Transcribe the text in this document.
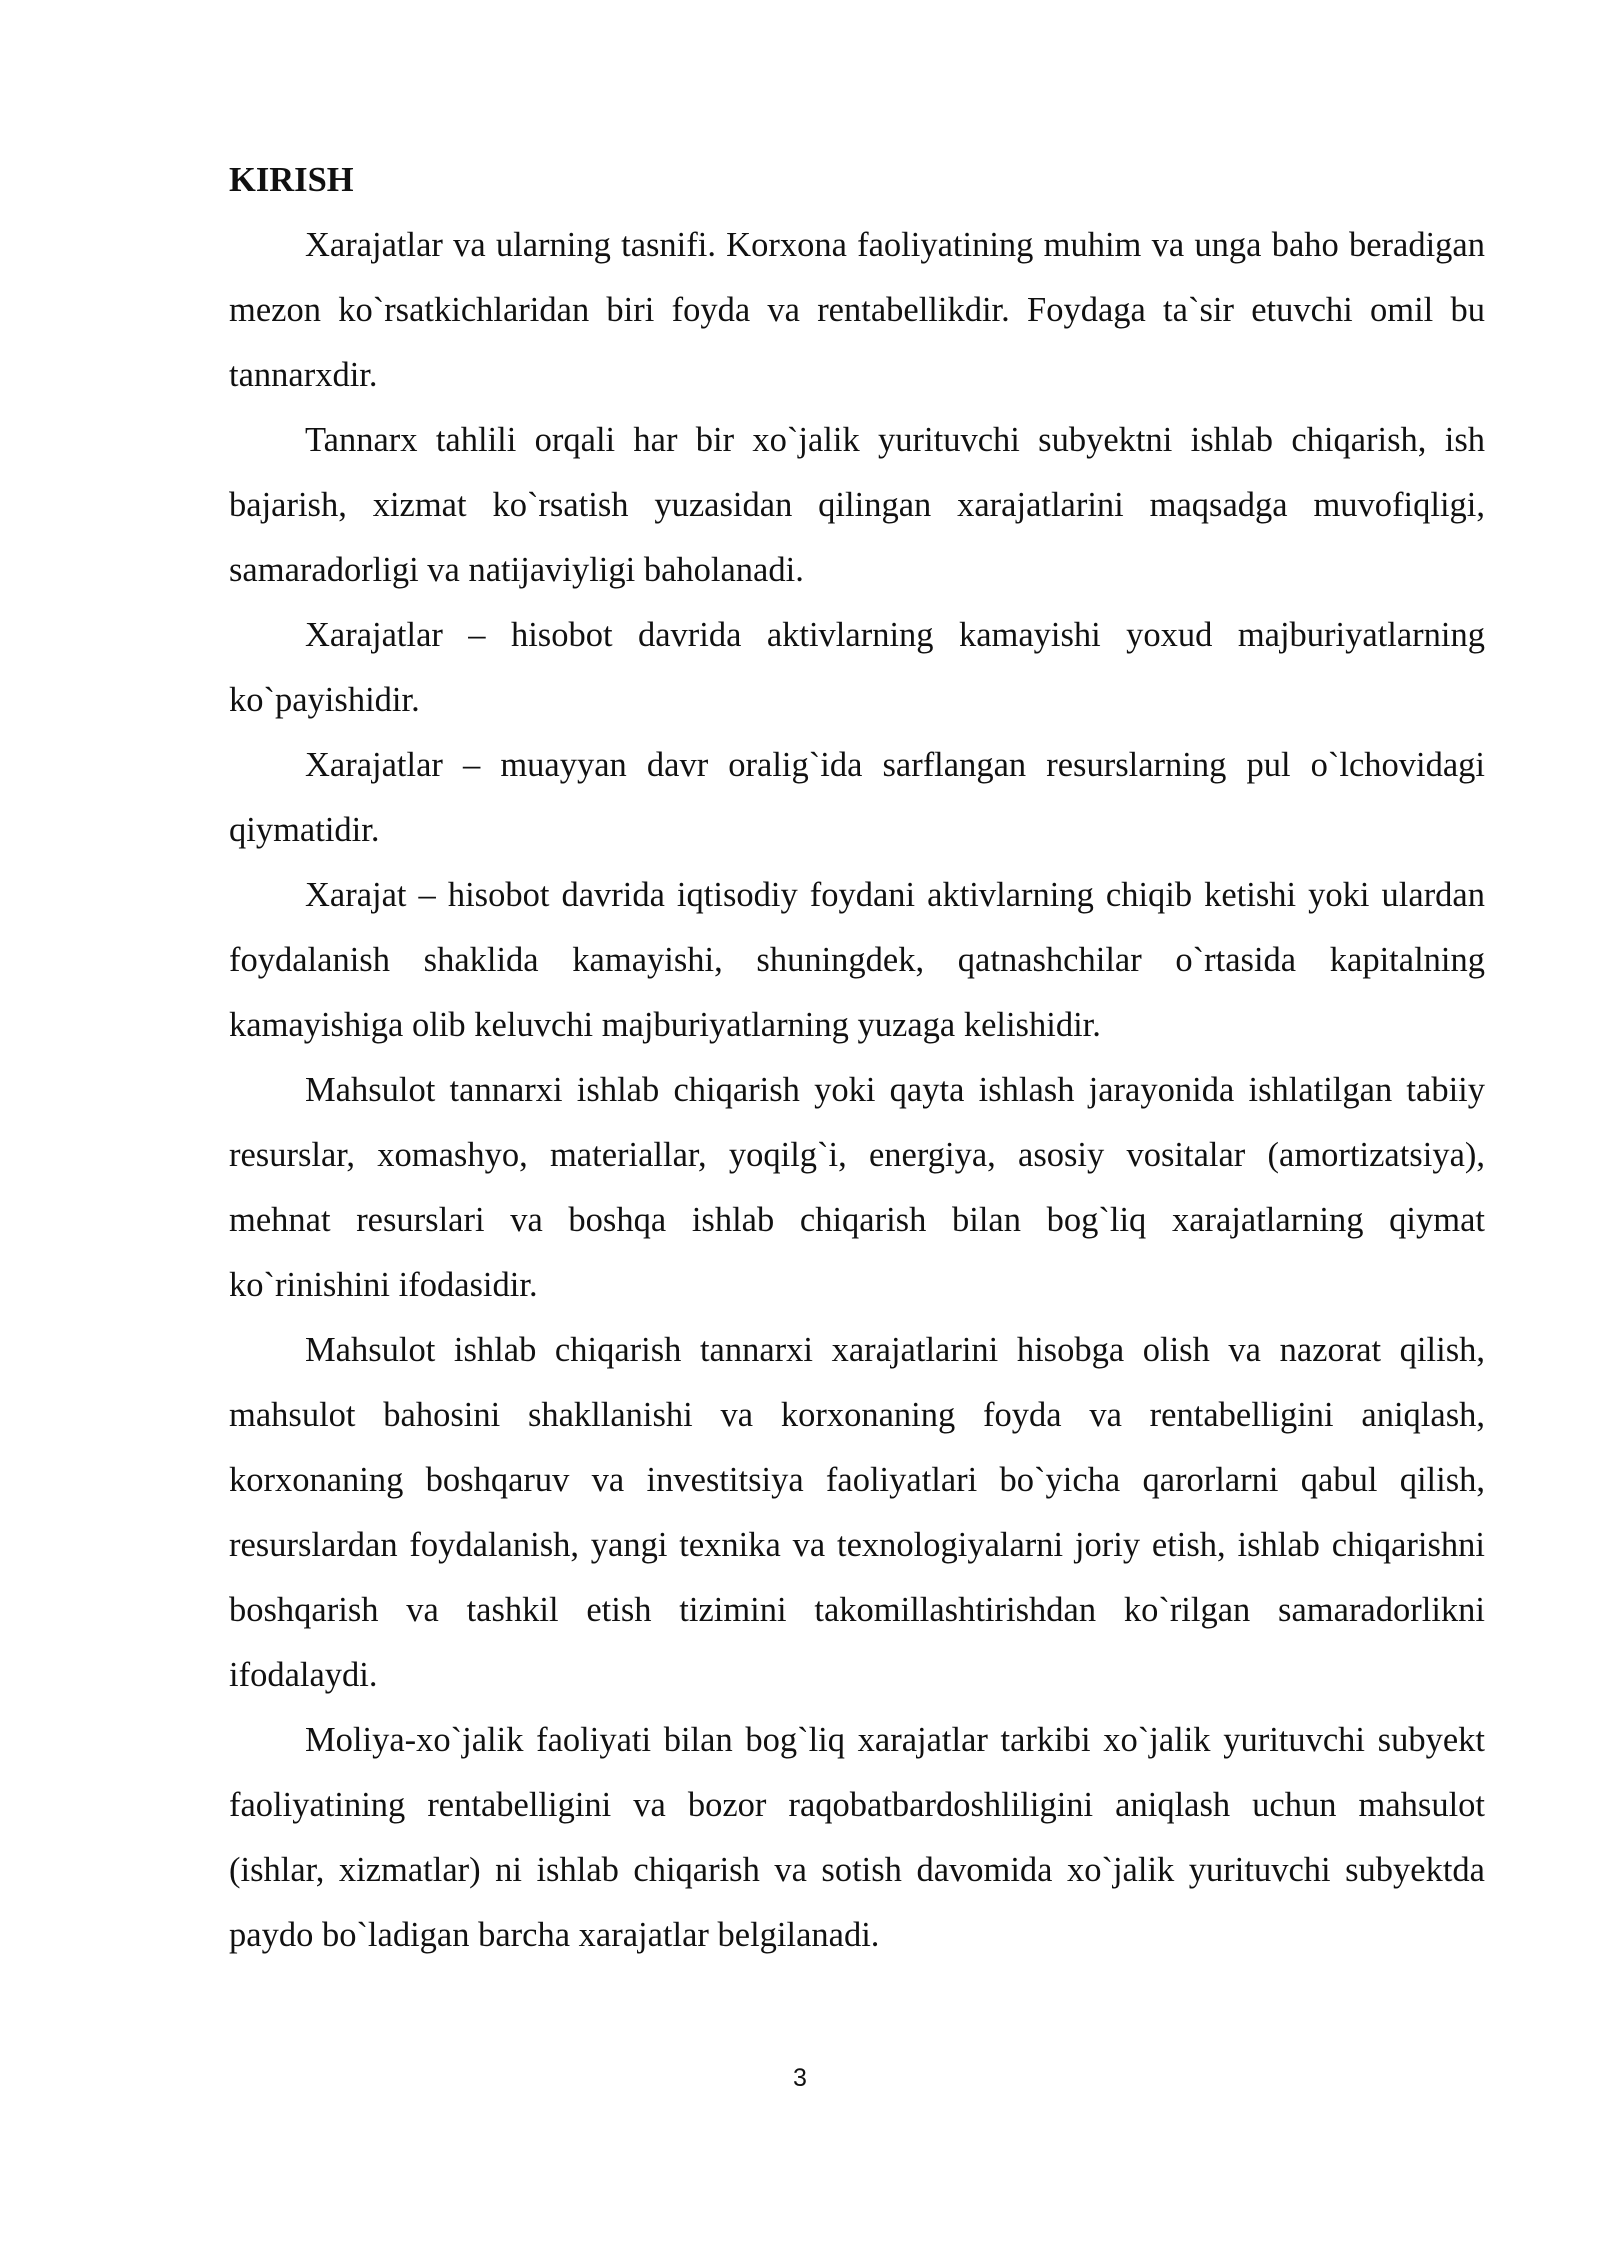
KIRISH

Xarajatlar va ularning tasnifi. Korxona faoliyatining muhim va unga baho beradigan mezon ko`rsatkichlaridan biri foyda va rentabellikdir. Foydaga ta`sir etuvchi omil bu tannarxdir.

Tannarx tahlili orqali har bir xo`jalik yurituvchi subyektni ishlab chiqarish, ish bajarish, xizmat ko`rsatish yuzasidan qilingan xarajatlarini maqsadga muvofiqligi, samaradorligi va natijaviyligi baholanadi.

Xarajatlar – hisobot davrida aktivlarning kamayishi yoxud majburiyatlarning ko`payishidir.

Xarajatlar – muayyan davr oralig`ida sarflangan resurslarning pul o`lchovidagi qiymatidir.

Xarajat – hisobot davrida iqtisodiy foydani aktivlarning chiqib ketishi yoki ulardan foydalanish shaklida kamayishi, shuningdek, qatnashchilar o`rtasida kapitalning kamayishiga olib keluvchi majburiyatlarning yuzaga kelishidir.

Mahsulot tannarxi ishlab chiqarish yoki qayta ishlash jarayonida ishlatilgan tabiiy resurslar, xomashyo, materiallar, yoqilg`i, energiya, asosiy vositalar (amortizatsiya), mehnat resurslari va boshqa ishlab chiqarish bilan bog`liq xarajatlarning qiymat ko`rinishini ifodasidir.

Mahsulot ishlab chiqarish tannarxi xarajatlarini hisobga olish va nazorat qilish, mahsulot bahosini shakllanishi va korxonaning foyda va rentabelligini aniqlash, korxonaning boshqaruv va investitsiya faoliyatlari bo`yicha qarorlarni qabul qilish, resurslardan foydalanish, yangi texnika va texnologiyalarni joriy etish, ishlab chiqarishni boshqarish va tashkil etish tizimini takomillashtirishdan ko`rilgan samaradorlikni ifodalaydi.

Moliya-xo`jalik faoliyati bilan bog`liq xarajatlar tarkibi xo`jalik yurituvchi subyekt faoliyatining rentabelligini va bozor raqobatbardoshliligini aniqlash uchun mahsulot (ishlar, xizmatlar) ni ishlab chiqarish va sotish davomida xo`jalik yurituvchi subyektda paydo bo`ladigan barcha xarajatlar belgilanadi.

3
